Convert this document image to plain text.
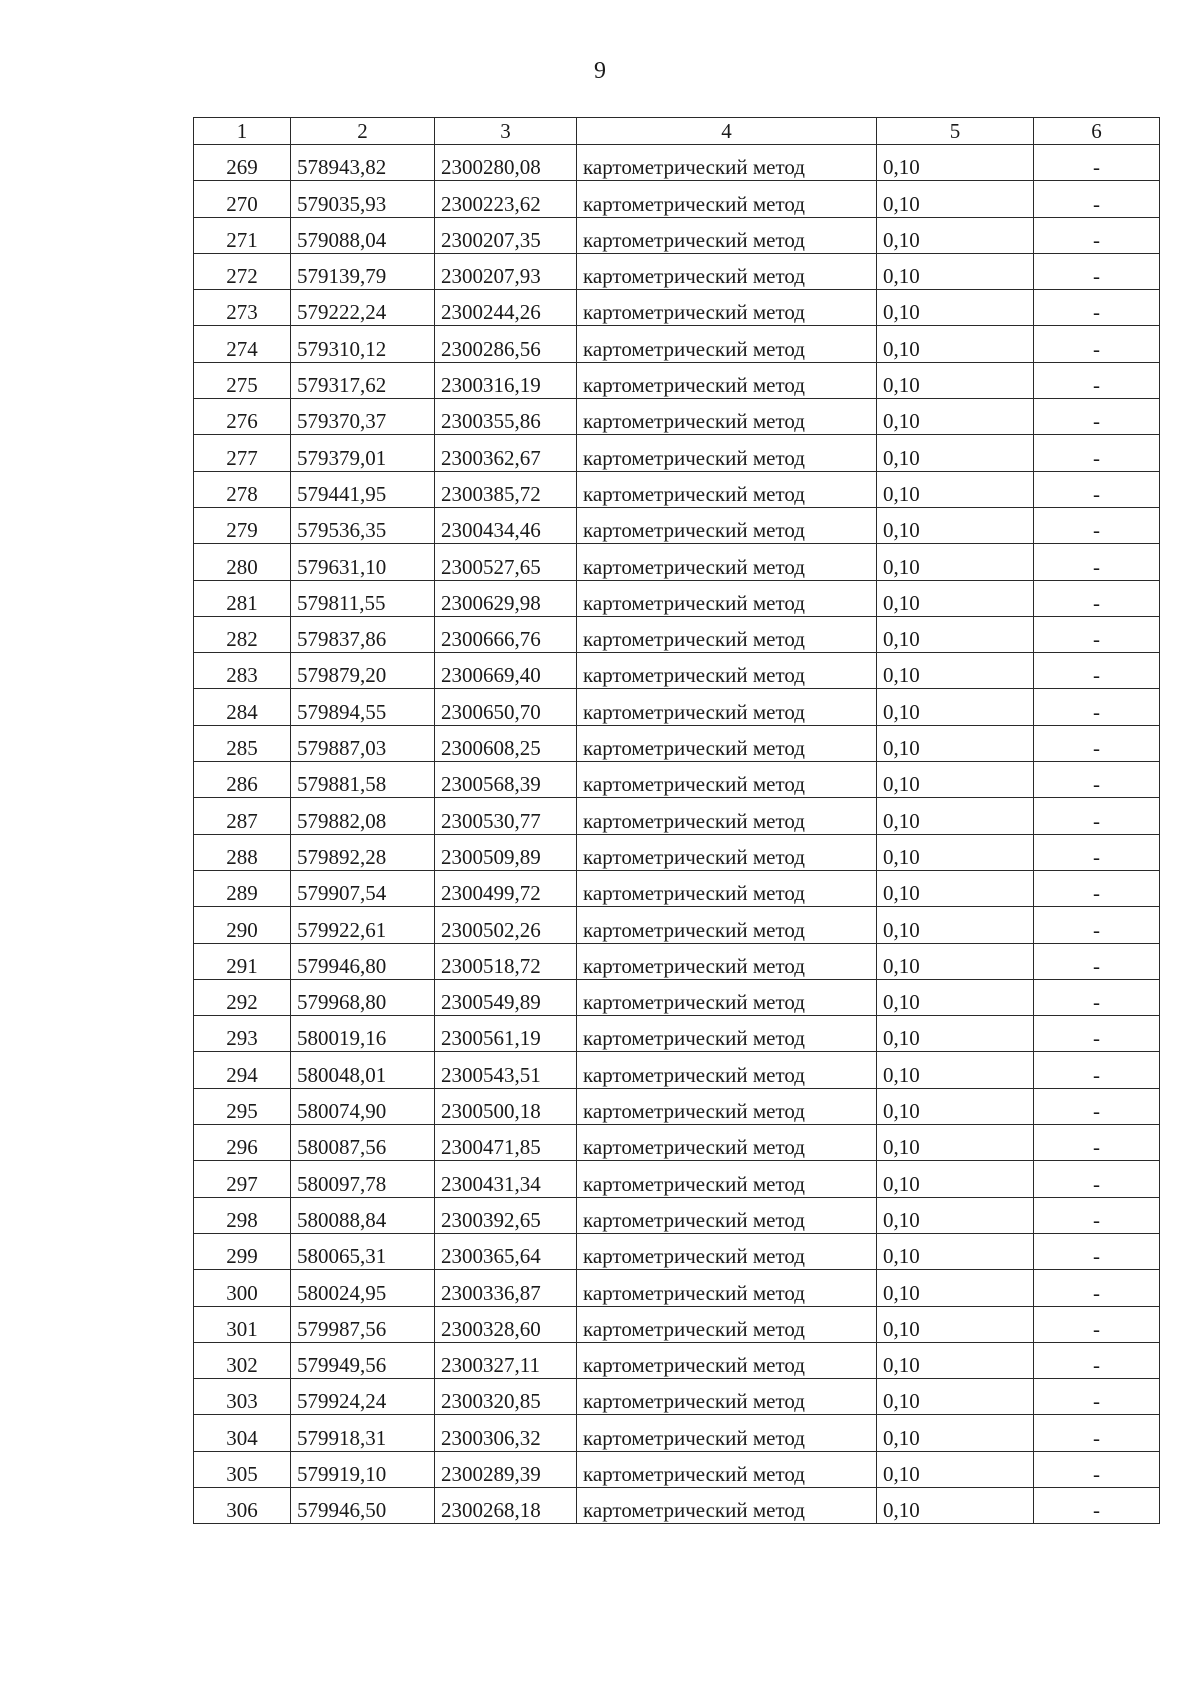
9
1	2	3	4	5	6
269	578943,82	2300280,08	картометрический метод	0,10	-
270	579035,93	2300223,62	картометрический метод	0,10	-
271	579088,04	2300207,35	картометрический метод	0,10	-
272	579139,79	2300207,93	картометрический метод	0,10	-
273	579222,24	2300244,26	картометрический метод	0,10	-
274	579310,12	2300286,56	картометрический метод	0,10	-
275	579317,62	2300316,19	картометрический метод	0,10	-
276	579370,37	2300355,86	картометрический метод	0,10	-
277	579379,01	2300362,67	картометрический метод	0,10	-
278	579441,95	2300385,72	картометрический метод	0,10	-
279	579536,35	2300434,46	картометрический метод	0,10	-
280	579631,10	2300527,65	картометрический метод	0,10	-
281	579811,55	2300629,98	картометрический метод	0,10	-
282	579837,86	2300666,76	картометрический метод	0,10	-
283	579879,20	2300669,40	картометрический метод	0,10	-
284	579894,55	2300650,70	картометрический метод	0,10	-
285	579887,03	2300608,25	картометрический метод	0,10	-
286	579881,58	2300568,39	картометрический метод	0,10	-
287	579882,08	2300530,77	картометрический метод	0,10	-
288	579892,28	2300509,89	картометрический метод	0,10	-
289	579907,54	2300499,72	картометрический метод	0,10	-
290	579922,61	2300502,26	картометрический метод	0,10	-
291	579946,80	2300518,72	картометрический метод	0,10	-
292	579968,80	2300549,89	картометрический метод	0,10	-
293	580019,16	2300561,19	картометрический метод	0,10	-
294	580048,01	2300543,51	картометрический метод	0,10	-
295	580074,90	2300500,18	картометрический метод	0,10	-
296	580087,56	2300471,85	картометрический метод	0,10	-
297	580097,78	2300431,34	картометрический метод	0,10	-
298	580088,84	2300392,65	картометрический метод	0,10	-
299	580065,31	2300365,64	картометрический метод	0,10	-
300	580024,95	2300336,87	картометрический метод	0,10	-
301	579987,56	2300328,60	картометрический метод	0,10	-
302	579949,56	2300327,11	картометрический метод	0,10	-
303	579924,24	2300320,85	картометрический метод	0,10	-
304	579918,31	2300306,32	картометрический метод	0,10	-
305	579919,10	2300289,39	картометрический метод	0,10	-
306	579946,50	2300268,18	картометрический метод	0,10	-
